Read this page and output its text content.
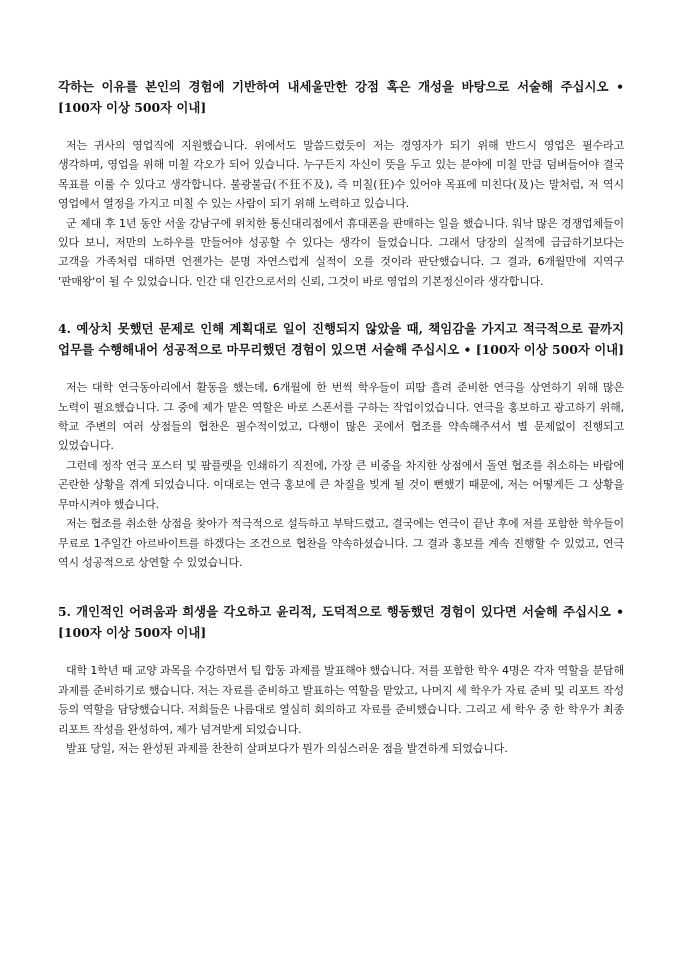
각하는 이유를 본인의 경험에 기반하여 내세울만한 강점 혹은 개성을 바탕으로 서술해 주십시오 • [100자 이상 500자 이내]

저는 귀사의 영업직에 지원했습니다. 위에서도 말씀드렸듯이 저는 경영자가 되기 위해 반드시 영업은 필수라고 생각하며, 영업을 위해 미칠 각오가 되어 있습니다. 누구든지 자신이 뜻을 두고 있는 분야에 미칠 만큼 덤벼들어야 결국 목표를 이룰 수 있다고 생각합니다. 불광불급(不狂不及), 즉 미칠(狂)수 있어야 목표에 미친다(及)는 말처럼, 저 역시 영업에서 열정을 가지고 미칠 수 있는 사람이 되기 위해 노력하고 있습니다.

군 제대 후 1년 동안 서울 강남구에 위치한 통신대리점에서 휴대폰을 판매하는 일을 했습니다. 워낙 많은 경쟁업체들이 있다 보니, 저만의 노하우를 만들어야 성공할 수 있다는 생각이 들었습니다. 그래서 당장의 실적에 급급하기보다는 고객을 가족처럼 대하면 언젠가는 분명 자연스럽게 실적이 오를 것이라 판단했습니다. 그 결과, 6개월만에 지역구 '판매왕'이 될 수 있었습니다. 인간 대 인간으로서의 신뢰, 그것이 바로 영업의 기본정신이라 생각합니다.

4. 예상치 못했던 문제로 인해 계획대로 일이 진행되지 않았을 때, 책임감을 가지고 적극적으로 끝까지 업무를 수행해내어 성공적으로 마무리했던 경험이 있으면 서술해 주십시오 • [100자 이상 500자 이내]

저는 대학 연극동아리에서 활동을 했는데, 6개월에 한 번씩 학우들이 피땀 흘려 준비한 연극을 상연하기 위해 많은 노력이 필요했습니다. 그 중에 제가 맡은 역할은 바로 스폰서를 구하는 작업이었습니다. 연극을 홍보하고 광고하기 위해, 학교 주변의 여러 상점들의 협찬은 필수적이었고, 다행이 많은 곳에서 협조를 약속해주셔서 별 문제없이 진행되고 있었습니다.

그런데 정작 연극 포스터 및 팜플렛을 인쇄하기 직전에, 가장 큰 비중을 차지한 상점에서 돌연 협조를 취소하는 바람에 곤란한 상황을 겪게 되었습니다. 이대로는 연극 홍보에 큰 차질을 빚게 될 것이 뻔했기 때문에, 저는 어떻게든 그 상황을 무마시켜야 했습니다.

저는 협조를 취소한 상점을 찾아가 적극적으로 설득하고 부탁드렸고, 결국에는 연극이 끝난 후에 저를 포함한 학우들이 무료로 1주일간 아르바이트를 하겠다는 조건으로 협찬을 약속하셨습니다. 그 결과 홍보를 계속 진행할 수 있었고, 연극 역시 성공적으로 상연할 수 있었습니다.

5. 개인적인 어려움과 희생을 각오하고 윤리적, 도덕적으로 행동했던 경험이 있다면 서술해 주십시오 • [100자 이상 500자 이내]

대학 1학년 때 교양 과목을 수강하면서 팀 합동 과제를 발표해야 했습니다. 저를 포함한 학우 4명은 각자 역할을 분담해 과제를 준비하기로 했습니다. 저는 자료를 준비하고 발표하는 역할을 맡았고, 나머지 세 학우가 자료 준비 및 리포트 작성 등의 역할을 담당했습니다. 저희들은 나름대로 열심히 회의하고 자료를 준비했습니다. 그리고 세 학우 중 한 학우가 최종 리포트 작성을 완성하여, 제가 넘겨받게 되었습니다.

발표 당일, 저는 완성된 과제를 찬찬히 살펴보다가 뭔가 의심스러운 점을 발견하게 되었습니다.
